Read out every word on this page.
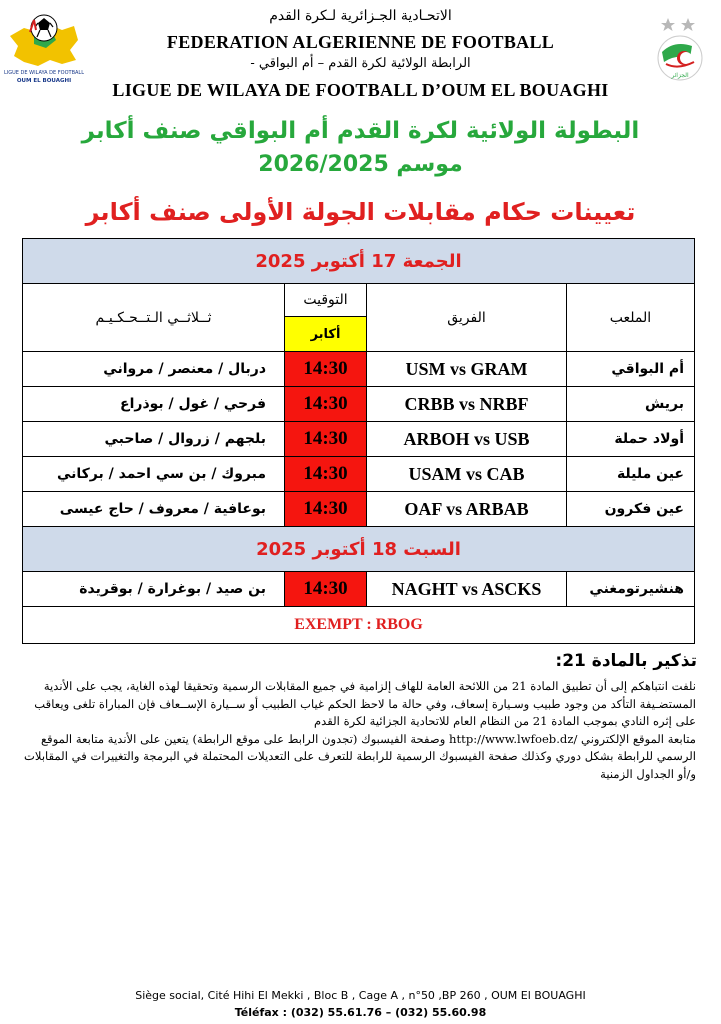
LIGUE DE WILAYA DE FOOTBALL
OUM EL BOUAGHI
الجزائر
الاتحـادية الجـزائرية لـكرة القدم
FEDERATION ALGERIENNE DE FOOTBALL
الرابطة الولائية لكرة القدم – أم البواقي -
LIGUE DE WILAYA DE FOOTBALL D’OUM EL BOUAGHI
البطولة الولائية لكرة القدم أم البواقي صنف أكابر
موسم 2026/2025
تعيينات حكام مقابلات الجولة الأولى صنف أكابر
الجمعة 17 أكتوبر 2025			
ثــلاثــي الـتــحـكـيـم	التوقيت	الفريق	الملعب
	أكابر		
دربال / معنصر / مرواني	14:30	USM vs GRAM	أم البواقي
فرحي / غول / بوذراع	14:30	CRBB vs NRBF	بريش
بلجهم / زروال / صاحبي	14:30	ARBOH vs USB	أولاد حملة
مبروك / بن سي احمد / بركاني	14:30	USAM vs CAB	عين مليلة
بوعافية / معروف / حاج عيسى	14:30	OAF vs ARBAB	عين فكرون
السبت 18 أكتوبر 2025			
بن صيد / بوغرارة / بوقريدة	14:30	NAGHT vs ASCKS	هنشيرتومغني
EXEMPT : RBOG			
تذكير بالمادة 21:

نلفت انتباهكم إلى أن تطبيق المادة 21 من اللائحة العامة للهاف إلزامية في جميع المقابلات الرسمية وتحقيقا لهذه الغاية، يجب على الأندية المستضـيفة التأكد من وجود طبيب وسـيارة إسعاف، وفي حالة ما لاحظ الحكم غياب الطبيب أو ســيارة الإســعاف فإن المباراة تلغى ويعاقب على إثره النادي بموجب المادة 21 من النظام العام للاتحادية الجزائية لكرة القدم

متابعة الموقع الإلكتروني /http://www.lwfoeb.dz وصفحة الفيسبوك (تجدون الرابط على موقع الرابطة) يتعين على الأندية متابعة الموقع الرسمي للرابطة بشكل دوري وكذلك صفحة الفيسبوك الرسمية للرابطة للتعرف على التعديلات المحتملة في البرمجة والتغييرات في المقابلات و/أو الجداول الزمنية

Siège social, Cité Hihi El Mekki , Bloc B , Cage A , n°50 ,BP 260 , OUM El BOUAGHI
Téléfax : (032) 55.61.76 – (032) 55.60.98
